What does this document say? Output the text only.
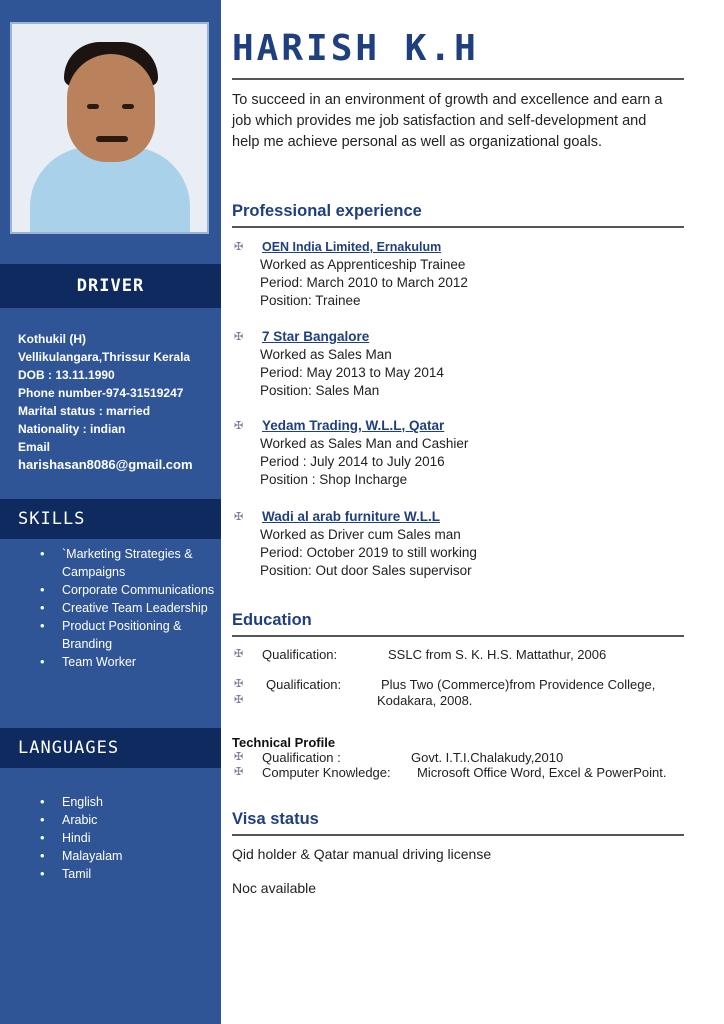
DRIVER
Kothukil (H)
Vellikulangara,Thrissur Kerala
DOB : 13.11.1990
Phone number-974-31519247
Marital status : married
Nationality : indian
Email
harishasan8086@gmail.com
SKILLS
• `Marketing Strategies & Campaigns
• Corporate Communications
• Creative Team Leadership
• Product Positioning & Branding
• Team Worker
LANGUAGES
• English
• Arabic
• Hindi
• Malayalam
• Tamil
HARISH K.H

To succeed in an environment of growth and excellence and earn a job which provides me job satisfaction and self-development and help me achieve personal as well as organizational goals.

Professional experience
✠ OEN India Limited, Ernakulum
Worked as Apprenticeship Trainee
Period: March 2010 to March 2012
Position: Trainee
✠ 7 Star Bangalore
Worked as Sales Man
Period: May 2013 to May 2014
Position: Sales Man
✠ Yedam Trading, W.L.L, Qatar
Worked as Sales Man and Cashier
Period : July 2014 to July 2016
Position : Shop Incharge
✠ Wadi al arab furniture W.L.L
Worked as Driver cum Sales man
Period: October 2019 to still working
Position: Out door Sales supervisor
Education
✠ Qualification:	SSLC from S. K. H.S. Mattathur, 2006
✠ Qualification:	Plus Two (Commerce)from Providence College,
✠	Kodakara, 2008.
Technical Profile
✠ Qualification :	Govt. I.T.I.Chalakudy,2010
✠ Computer Knowledge: Microsoft Office Word, Excel & PowerPoint.
Visa status

Qid holder & Qatar manual driving license

Noc available
